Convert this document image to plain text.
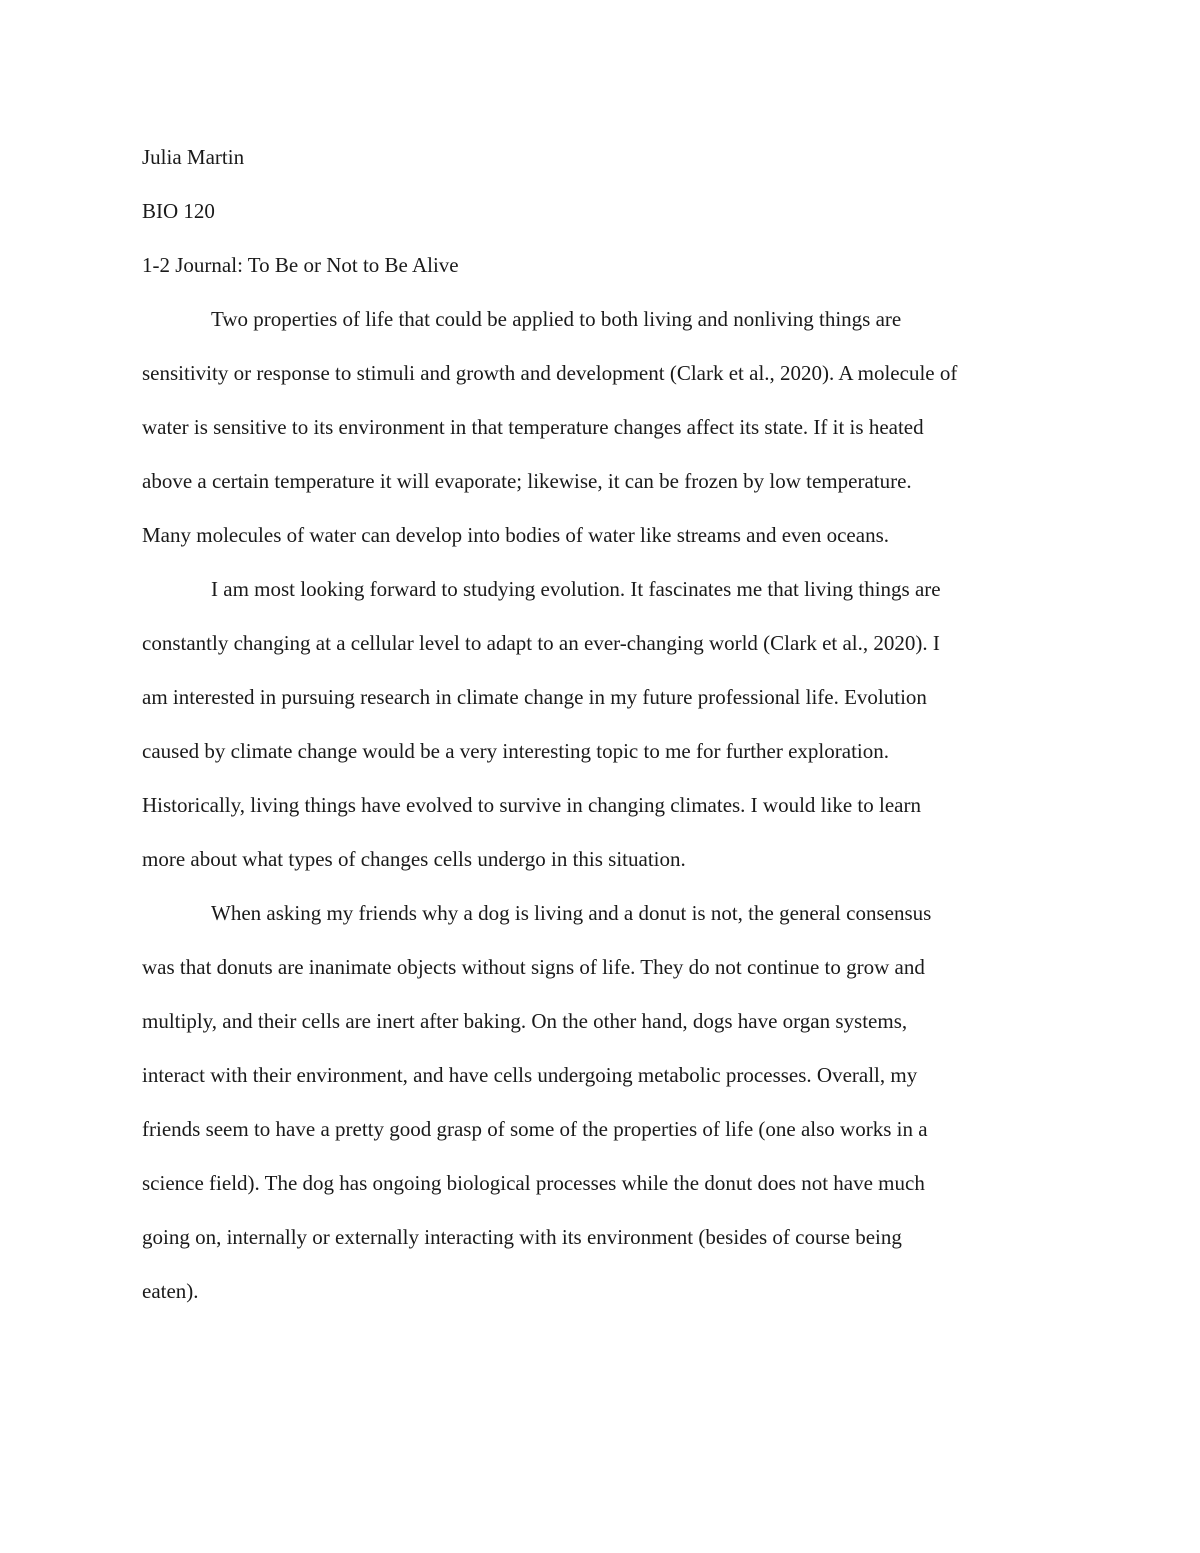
Julia Martin

BIO 120

1-2 Journal: To Be or Not to Be Alive

Two properties of life that could be applied to both living and nonliving things are

sensitivity or response to stimuli and growth and development (Clark et al., 2020). A molecule of

water is sensitive to its environment in that temperature changes affect its state. If it is heated

above a certain temperature it will evaporate; likewise, it can be frozen by low temperature.

Many molecules of water can develop into bodies of water like streams and even oceans.

I am most looking forward to studying evolution. It fascinates me that living things are

constantly changing at a cellular level to adapt to an ever-changing world (Clark et al., 2020). I

am interested in pursuing research in climate change in my future professional life. Evolution

caused by climate change would be a very interesting topic to me for further exploration.

Historically, living things have evolved to survive in changing climates. I would like to learn

more about what types of changes cells undergo in this situation.

When asking my friends why a dog is living and a donut is not, the general consensus

was that donuts are inanimate objects without signs of life. They do not continue to grow and

multiply, and their cells are inert after baking. On the other hand, dogs have organ systems,

interact with their environment, and have cells undergoing metabolic processes. Overall, my

friends seem to have a pretty good grasp of some of the properties of life (one also works in a

science field). The dog has ongoing biological processes while the donut does not have much

going on, internally or externally interacting with its environment (besides of course being

eaten).
